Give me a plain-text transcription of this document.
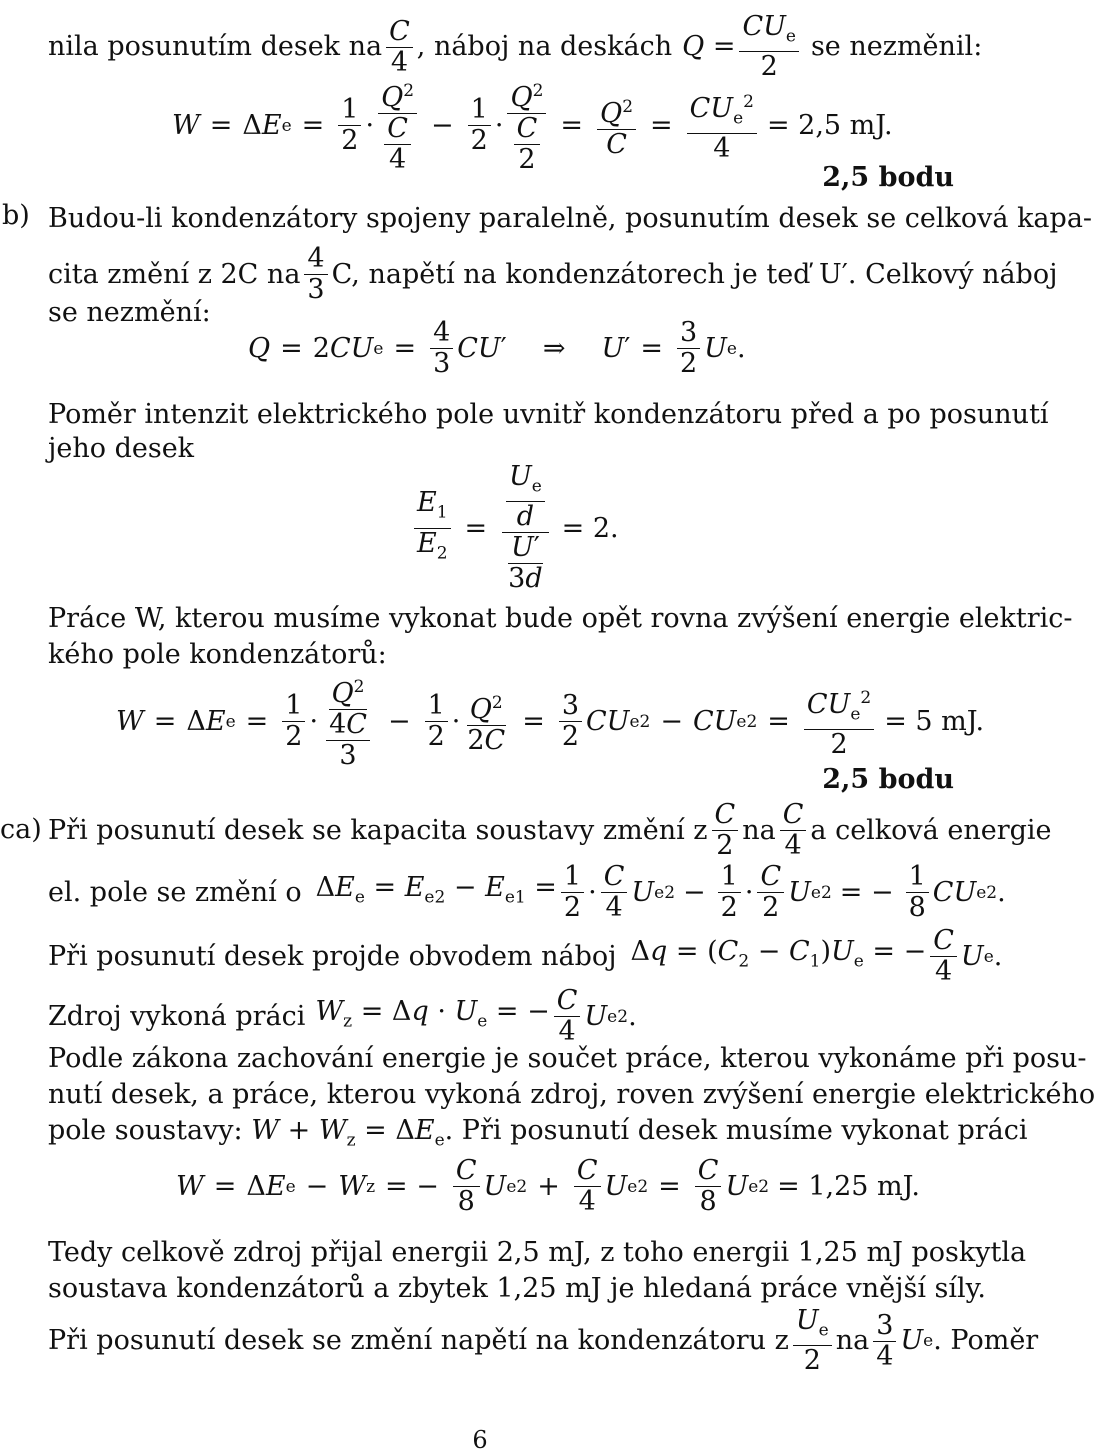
nila posunutím desek na $\frac{C}{4}$ , náboj na deskách $Q = \frac{CU_e}{2}$ se nezměnil:
W = Δ E $e = \frac{1}{2} \cdot \frac{Q^2}{\frac{C}{4}} - \frac{1}{2} \cdot \frac{Q^2}{\frac{C}{2}} = \frac{Q^2}{C} = \frac{CU_e^2}{4} = 2,5$ mJ.
2,5 bodu
b) Budou-li kondenzátory spojeny paralelně, posunutím desek se celková kapa-
cita změní z 2C na $\frac{4}{3} C$, napětí na kondenzátorech je teď U′. Celkový náboj
se nezmění:
Q = 2 CU $e = \frac{4}{3}$ CU ′ ⇒ U ′ = $\frac{3}{2}$ U e .
Poměr intenzit elektrického pole uvnitř kondenzátoru před a po posunutí
jeho desek
$\frac{E_1}{E_2} = \frac{\frac{U_e}{d}}{\frac{U'}{3d}} = 2$.
Práce W, kterou musíme vykonat bude opět rovna zvýšení energie elektric-
kého pole kondenzátorů:
W = Δ E $e = \frac{1}{2} \cdot \frac{Q^2}{\frac{4C}{3}} - \frac{1}{2} \cdot \frac{Q^2}{2C} = \frac{3}{2}$ CU e 2 − CU e $2 = \frac{CU_e^2}{2} = 5$ mJ.
2,5 bodu
ca) Při posunutí desek se kapacita soustavy změní z $\frac{C}{2}$ na $\frac{C}{4}$ a celková energie
el. pole se změní o $\Delta E_e = E_{e2} - E_{e1} = \frac{1}{2} \cdot \frac{C}{4}$ U e $2 - \frac{1}{2} \cdot \frac{C}{2}$ U e 2 = − $\frac{1}{8}$ CU e 2 .
Při posunutí desek projde obvodem náboj $\Delta q = (C_2 - C_1)U_e$ = − $\frac{C}{4}$ U e .
Zdroj vykoná práci $W_z = \Delta q \cdot U_e$ = − $\frac{C}{4}$ U e 2 .
Podle zákona zachování energie je součet práce, kterou vykonáme při posu-
nutí desek, a práce, kterou vykoná zdroj, roven zvýšení energie elektrického
pole soustavy: $W + W_z = \Delta E_e$. Při posunutí desek musíme vykonat práci
W = Δ E e − W z = − $\frac{C}{8}$ U e $2 + \frac{C}{4}$ U e $2 = \frac{C}{8}$ U e 2 = 1,25 mJ.
Tedy celkově zdroj přijal energii 2,5 mJ, z toho energii 1,25 mJ poskytla
soustava kondenzátorů a zbytek 1,25 mJ je hledaná práce vnější síly.
Při posunutí desek se změní napětí na kondenzátoru z $\frac{U_e}{2}$ na $\frac{3}{4}$ U e . Poměr
6
